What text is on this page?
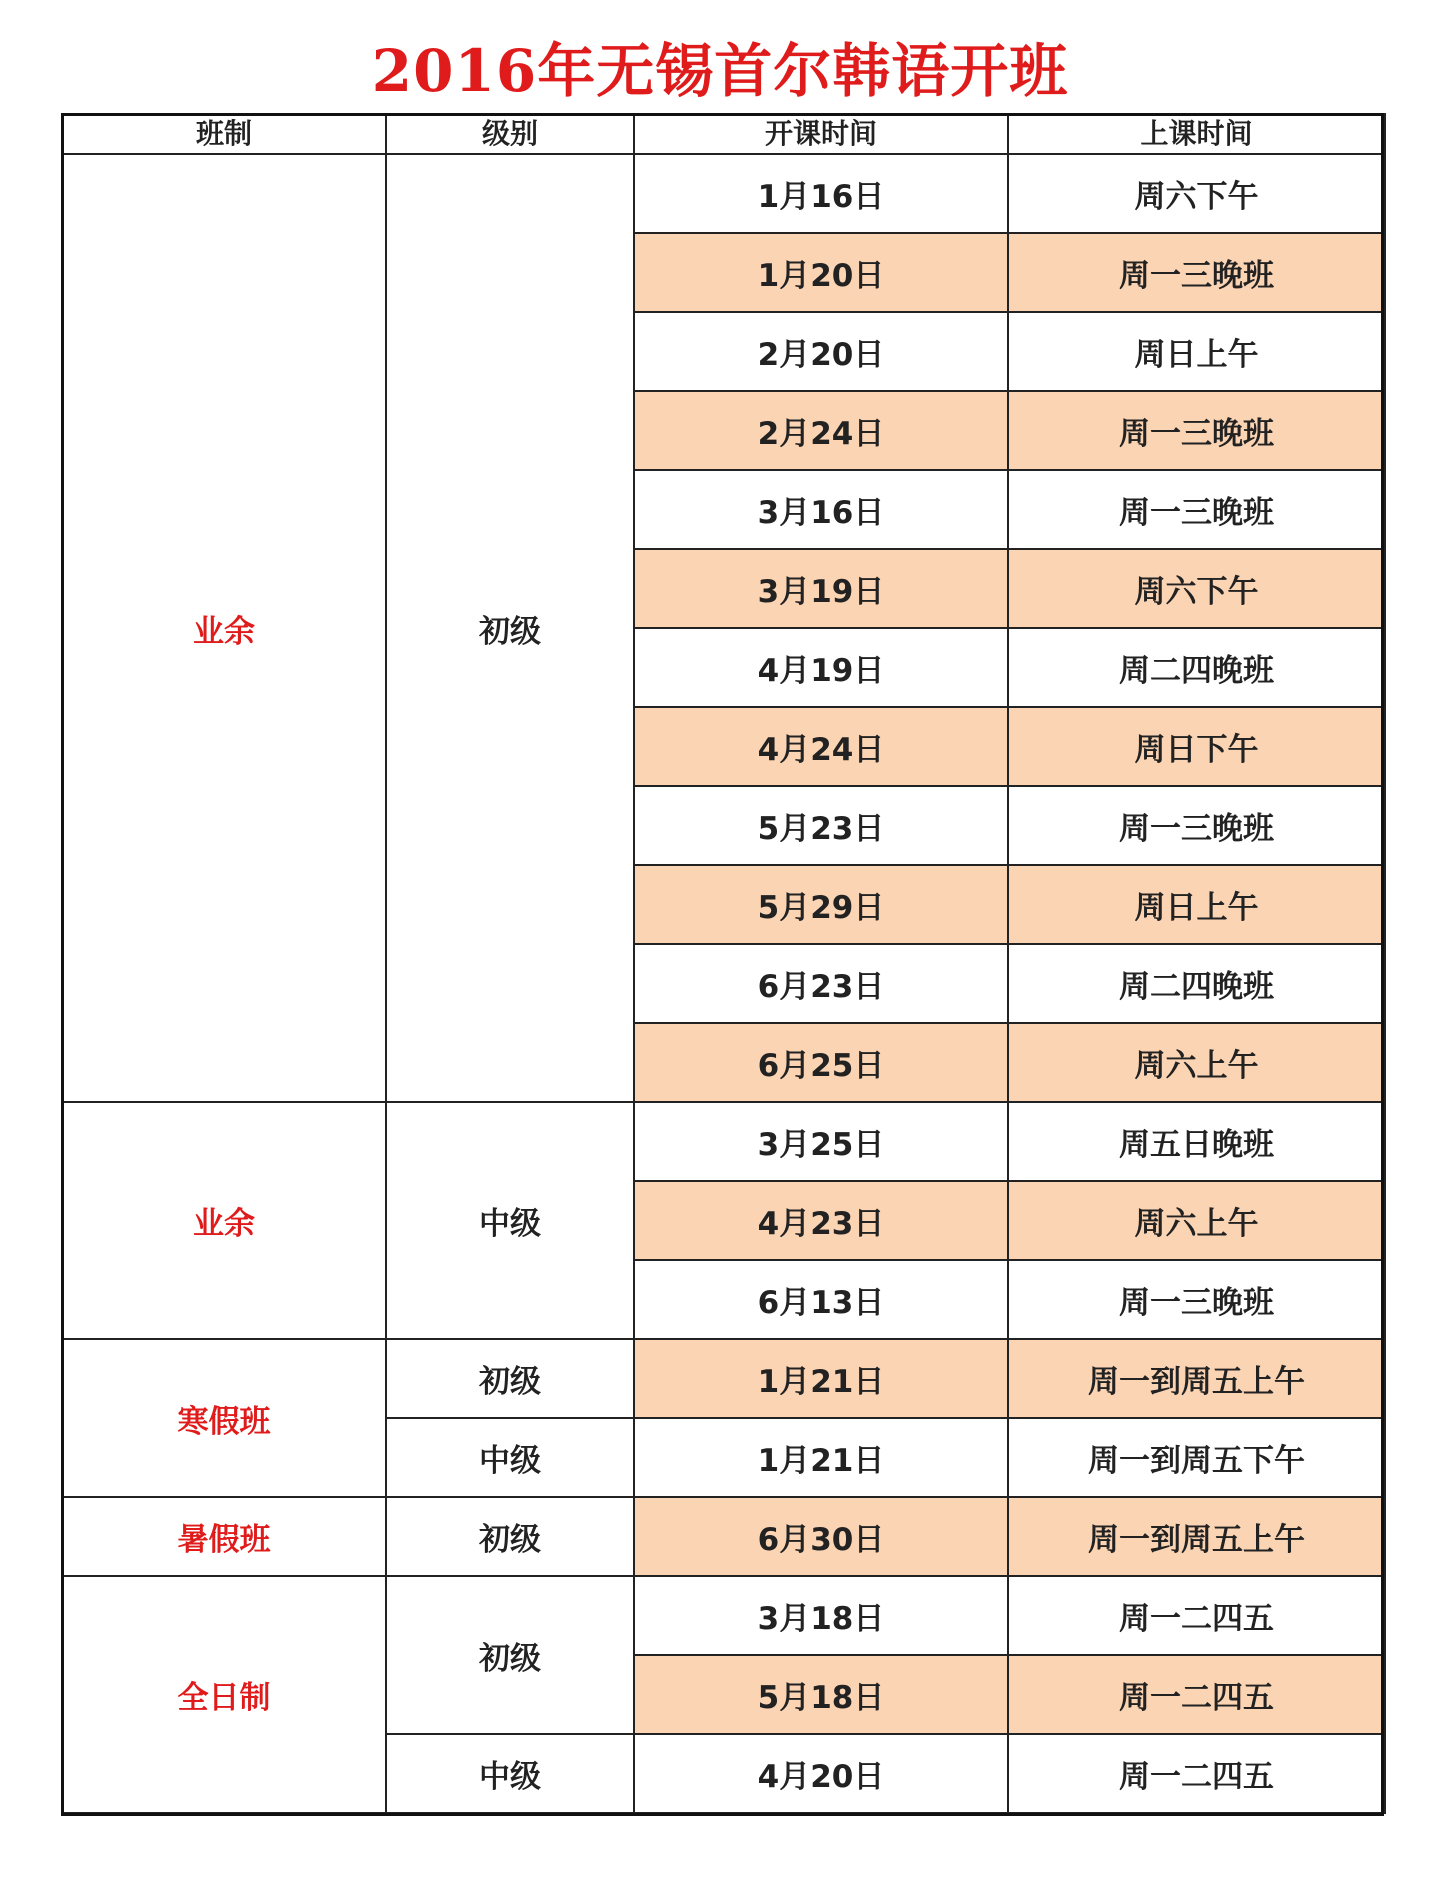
2016年无锡首尔韩语开班
班制	级别	开课时间	上课时间
业余	初级	1月16日	周六下午
		1月20日	周一三晚班
		2月20日	周日上午
		2月24日	周一三晚班
		3月16日	周一三晚班
		3月19日	周六下午
		4月19日	周二四晚班
		4月24日	周日下午
		5月23日	周一三晚班
		5月29日	周日上午
		6月23日	周二四晚班
		6月25日	周六上午
业余	中级	3月25日	周五日晚班
		4月23日	周六上午
		6月13日	周一三晚班
寒假班	初级	1月21日	周一到周五上午
	中级	1月21日	周一到周五下午
暑假班	初级	6月30日	周一到周五上午
全日制	初级	3月18日	周一二四五
		5月18日	周一二四五
	中级	4月20日	周一二四五
